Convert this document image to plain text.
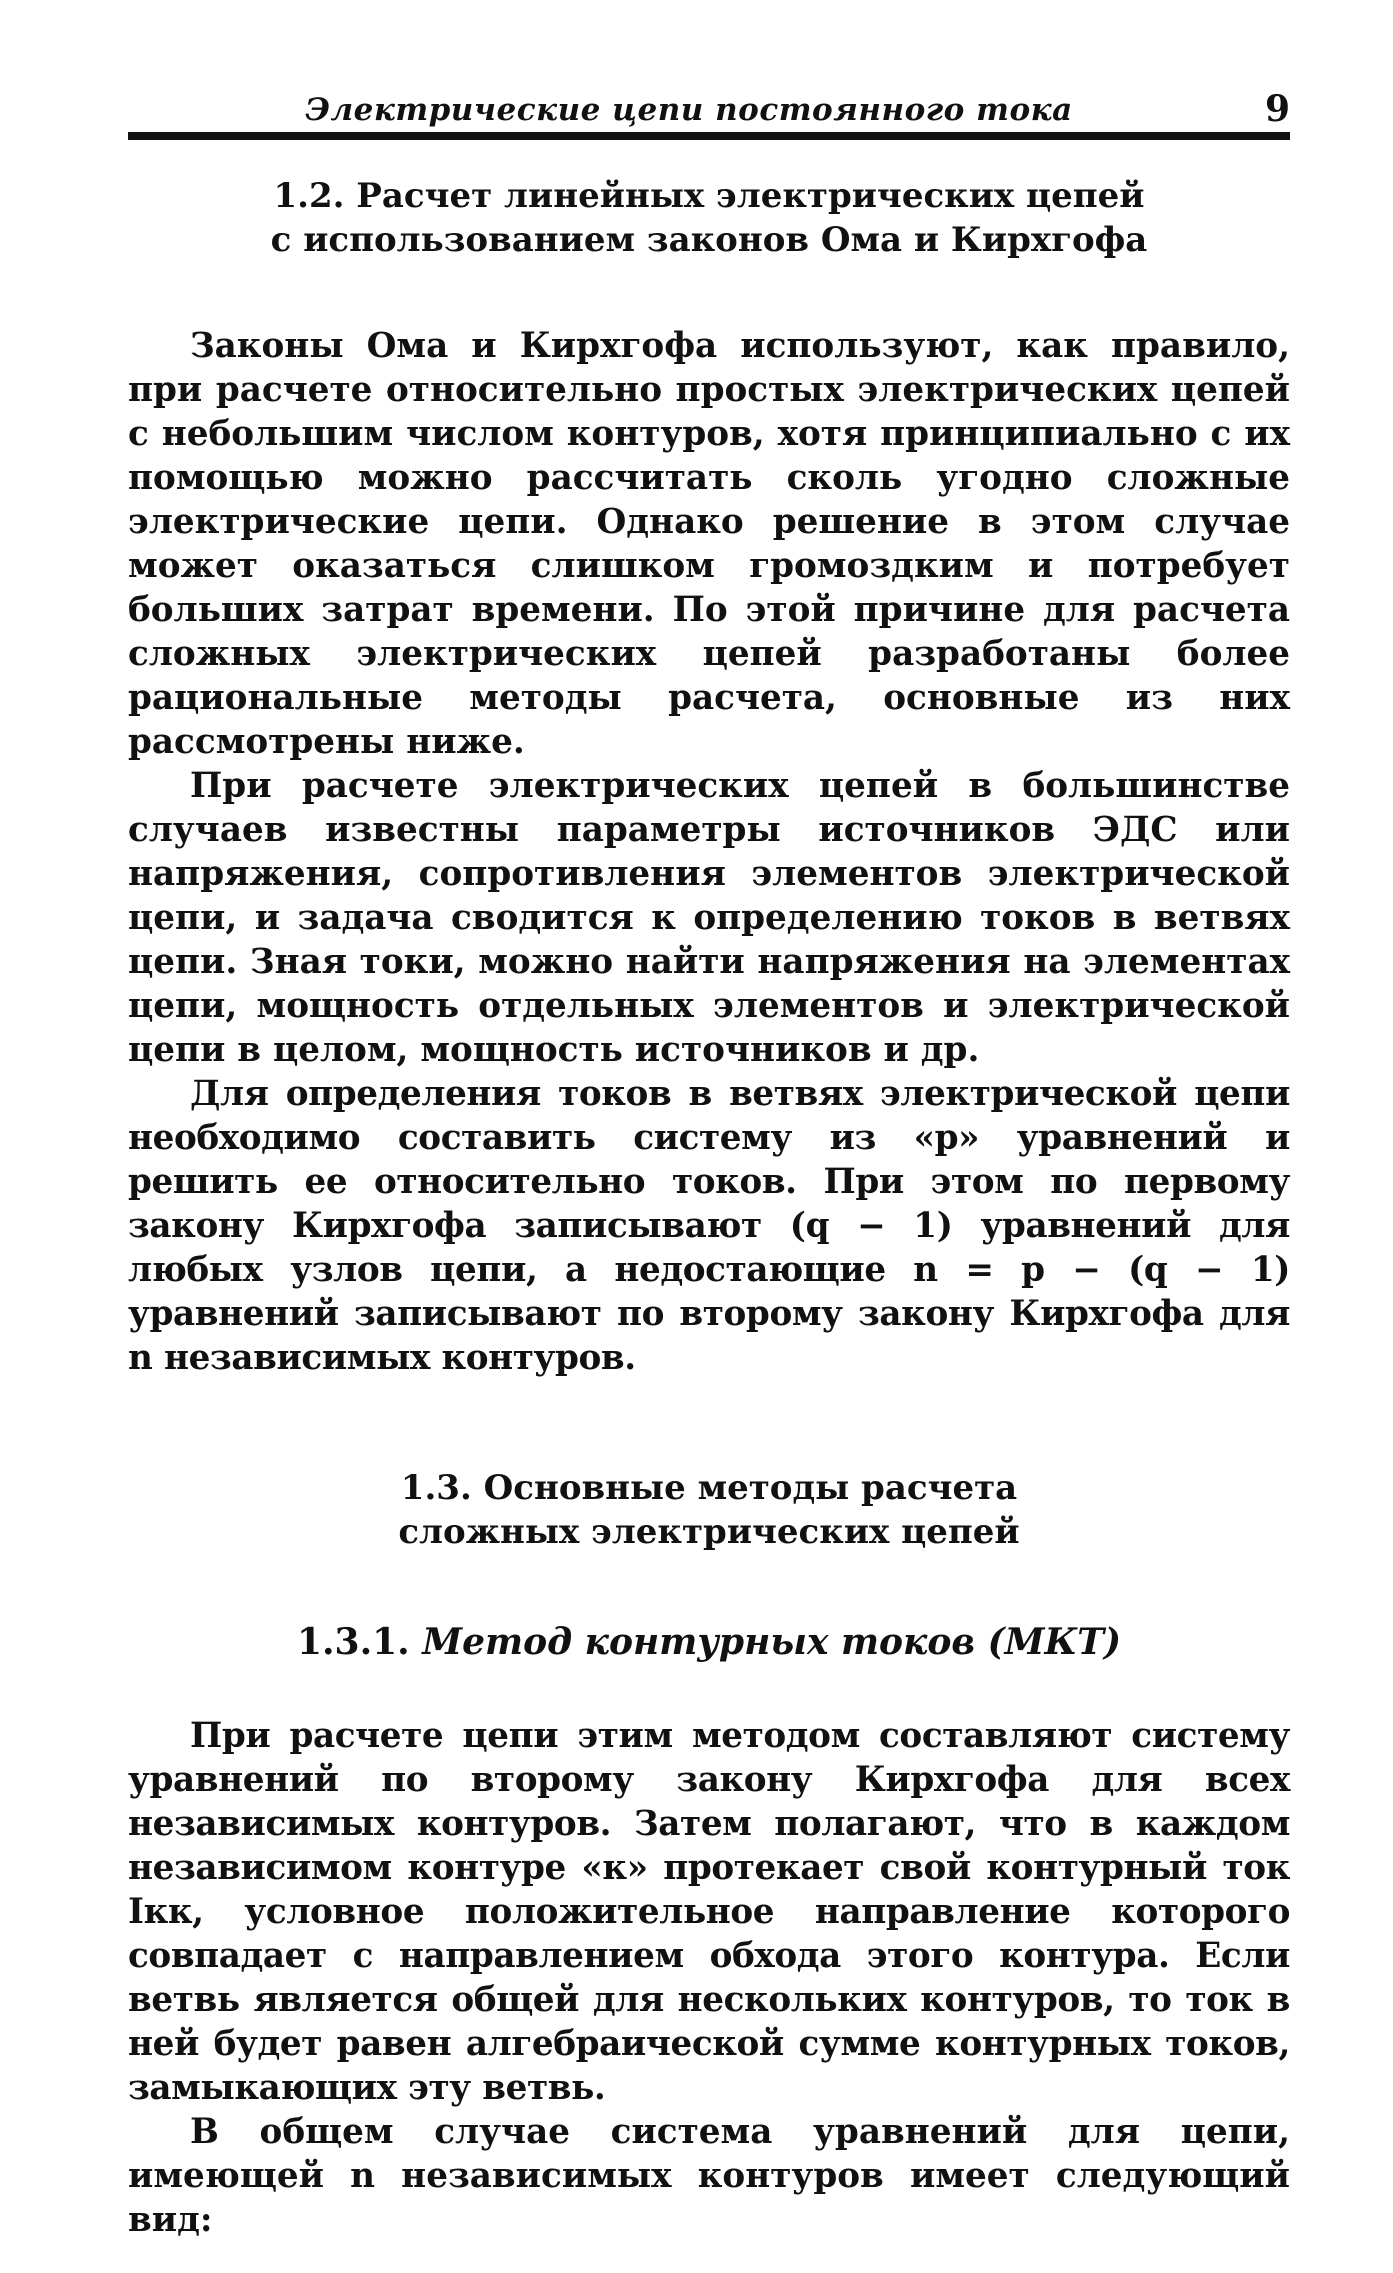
Электрические цепи постоянного тока	9
1.2. Расчет линейных электрических цепей
с использованием законов Ома и Кирхгофа

Законы Ома и Кирхгофа используют, как правило, при расчете относительно простых электрических цепей с небольшим числом контуров, хотя принципиально с их помощью можно рассчитать сколь угодно сложные электрические цепи. Однако решение в этом случае может оказаться слишком громоздким и потребует больших затрат времени. По этой причине для расчета сложных электрических цепей разработаны более рациональные методы расчета, основные из них рассмотрены ниже.

При расчете электрических цепей в большинстве случаев известны параметры источников ЭДС или напряжения, сопротивления элементов электрической цепи, и задача сводится к определению токов в ветвях цепи. Зная токи, можно найти напряжения на элементах цепи, мощность отдельных элементов и электрической цепи в целом, мощность источников и др.

Для определения токов в ветвях электрической цепи необходимо составить систему из «р» уравнений и решить ее относительно токов. При этом по первому закону Кирхгофа записывают (q − 1) уравнений для любых узлов цепи, а недостающие n = p − (q − 1) уравнений записывают по второму закону Кирхгофа для n независимых контуров.

1.3. Основные методы расчета
сложных электрических цепей
1.3.1. Метод контурных токов (МКТ)

При расчете цепи этим методом составляют систему уравнений по второму закону Кирхгофа для всех независимых контуров. Затем полагают, что в каждом независимом контуре «к» протекает свой контурный ток Iкк, условное положительное направление которого совпадает с направлением обхода этого контура. Если ветвь является общей для нескольких контуров, то ток в ней будет равен алгебраической сумме контурных токов, замыкающих эту ветвь.

В общем случае система уравнений для цепи, имеющей n независимых контуров имеет следующий вид:
